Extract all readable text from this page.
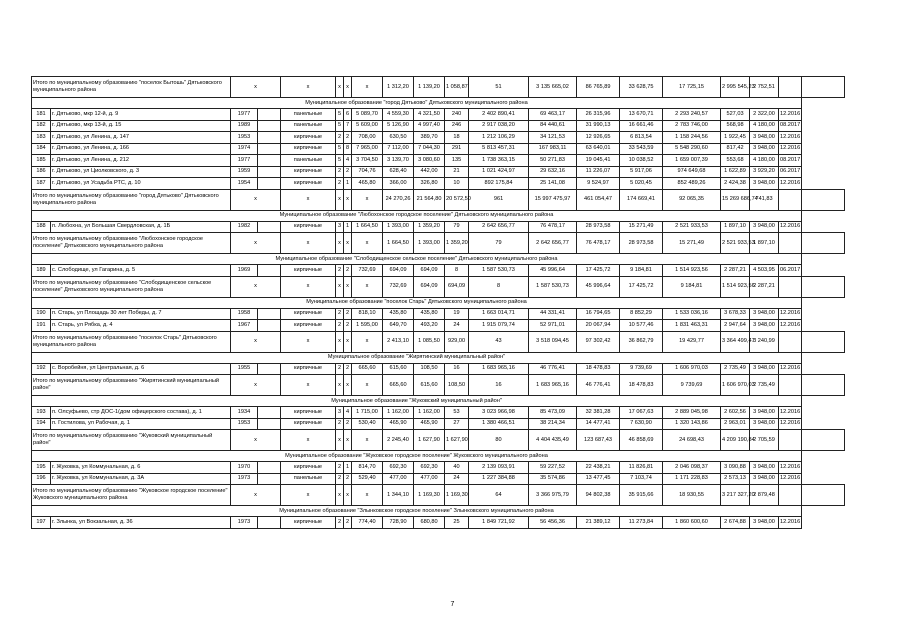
Итого по муниципальному образованию "поселок Бытошь" Дятьковского муниципального района		x		x	x	x	x	1 312,20	1 139,20	1 058,87	51	3 135 665,02	86 765,89	33 628,75	17 725,15	2 995 545,23	2 752,51		
Муниципальное образование "город Дятьково" Дятьковского муниципального района																			
181	г. Дятьково, мкр 12-й, д. 9	1977		панельные	5	6	5 089,70	4 559,30	4 321,50	240	2 402 890,41	69 463,17	26 315,96	13 670,71	2 293 240,57	527,03	2 322,00	12.2016	
182	г. Дятьково, мкр 13-й, д. 15	1989		панельные	5	7	5 609,00	5 126,90	4 997,40	246	2 917 038,20	84 440,61	31 990,13	16 661,46	2 783 746,00	568,98	4 180,00	08.2017	
183	г. Дятьково, ул Ленина, д. 147	1953		кирпичные	2	2	708,00	630,50	389,70	18	1 212 106,29	34 121,53	12 926,65	6 813,54	1 158 244,56	1 922,45	3 948,00	12.2016	
184	г. Дятьково, ул Ленина, д. 166	1974		кирпичные	5	8	7 965,00	7 112,00	7 044,30	291	5 813 457,31	167 983,11	63 640,01	33 543,59	5 548 290,60	817,42	3 948,00	12.2016	
185	г. Дятьково, ул Ленина, д. 212	1977		панельные	5	4	3 704,50	3 139,70	3 080,60	135	1 738 363,15	50 271,83	19 045,41	10 038,52	1 659 007,39	553,68	4 180,00	08.2017	
186	г. Дятьково, ул Циолковского, д. 3	1959		кирпичные	2	2	704,76	628,40	442,00	21	1 021 424,97	29 632,16	11 226,07	5 917,06	974 649,68	1 622,89	3 929,20	06.2017	
187	г. Дятьково, ул Усадьба РТС, д. 10	1954		кирпичные	2	1	465,80	366,00	326,80	10	892 175,84	25 141,08	9 524,97	5 020,45	852 489,26	2 424,38	3 948,00	12.2016	
Итого по муниципальному образованию "город Дятьково" Дятьковского муниципального района		x		x	x	x	x	24 270,26	21 564,80	20 572,50	961	15 997 475,97	461 054,47	174 669,41	92 065,35	15 269 686,74	741,83		
Муниципальное образование "Любохонское городское поселение" Дятьковского муниципального района																			
188	п. Любохна, ул Большая Свердловская, д. 1Б	1982		кирпичные	3	1	1 664,50	1 393,00	1 359,20	79	2 642 656,77	76 478,17	28 973,58	15 271,49	2 521 933,53	1 897,10	3 948,00	12.2016	
Итого по муниципальному образованию "Любохонское городское поселение" Дятьковского муниципального района		x		x	x	x	x	1 664,50	1 393,00	1 359,20	79	2 642 656,77	76 478,17	28 973,58	15 271,49	2 521 933,53	1 897,10		
Муниципальное образование "Слободищенское сельское поселение" Дятьковского муниципального района																			
189	с. Слободище, ул Гагарина, д. 5	1969		кирпичные	2	2	732,69	694,09	694,09	8	1 587 530,73	45 996,64	17 425,72	9 184,81	1 514 923,56	2 287,21	4 503,95	06.2017	
Итого по муниципальному образованию "Слободищенское сельское поселение" Дятьковского муниципального района		x		x	x	x	x	732,69	694,09	694,09	8	1 587 530,73	45 996,64	17 425,72	9 184,81	1 514 923,56	2 287,21		
Муниципальное образование "поселок Старь" Дятьковского муниципального района																			
190	п. Старь, ул Площадь 30 лет Победы, д. 7	1958		кирпичные	2	2	818,10	435,80	435,80	19	1 663 014,71	44 331,41	16 794,65	8 852,29	1 533 036,16	3 678,33	3 948,00	12.2016	
191	п. Старь, ул Рябка, д. 4	1967		кирпичные	2	2	1 595,00	649,70	493,20	24	1 915 079,74	52 971,01	20 067,94	10 577,46	1 831 463,31	2 947,64	3 948,00	12.2016	
Итого по муниципальному образованию "поселок Старь" Дятьковского муниципального района		x		x	x	x	x	2 413,10	1 085,50	929,00	43	3 518 094,45	97 302,42	36 862,79	19 429,77	3 364 499,47	3 240,99		
Муниципальное образование "Жирятинский муниципальный район"																			
192	с. Воробейня, ул Центральная, д. 6	1955		кирпичные	2	2	665,60	615,60	108,50	16	1 683 965,16	46 776,41	18 478,83	9 739,69	1 606 970,03	2 735,49	3 948,00	12.2016	
Итого по муниципальному образованию "Жирятинский муниципальный район"		x		x	x	x	x	665,60	615,60	108,50	16	1 683 965,16	46 776,41	18 478,83	9 739,69	1 606 970,03	2 735,49		
Муниципальное образование "Жуковский муниципальный район"																			
193	п. Олсуфьево, стр ДОС-1(дом офицерского состава), д. 1	1934		кирпичные	3	4	1 715,00	1 162,00	1 162,00	53	3 023 966,98	85 473,09	32 381,28	17 067,63	2 889 045,98	2 602,56	3 948,00	12.2016	
194	п. Гостилова, ул Рабочая, д. 1	1953		кирпичные	2	2	530,40	465,90	465,90	27	1 380 466,51	38 214,34	14 477,41	7 630,90	1 320 143,86	2 963,01	3 948,00	12.2016	
Итого по муниципальному образованию "Жуковский муниципальный район"		x		x	x	x	x	2 245,40	1 627,90	1 627,90	80	4 404 435,49	123 687,43	46 858,69	24 698,43	4 209 190,84	2 705,59		
Муниципальное образование "Жуковское городское поселение" Жуковского муниципального района																			
195	г. Жуковка, ул Коммунальная, д. 6	1970		кирпичные	2	1	814,70	692,30	692,30	40	2 139 093,91	59 227,52	22 438,21	11 826,81	2 046 098,37	3 090,88	3 948,00	12.2016	
196	г. Жуковка, ул Коммунальная, д. 3А	1973		панельные	2	2	529,40	477,00	477,00	24	1 227 384,88	35 574,86	13 477,45	7 103,74	1 171 228,83	2 573,13	3 948,00	12.2016	
Итого по муниципальному образованию "Жуковское городское поселение" Жуковского муниципального района		x		x	x	x	x	1 344,10	1 169,30	1 169,30	64	3 366 975,79	94 802,38	35 915,66	18 930,55	3 217 327,20	2 879,48		
Муниципальное образование "Злынковское городское поселение" Злынковского муниципального района																			
197	г. Злынка, ул Вокзальная, д. 36	1973		кирпичные	2	2	774,40	728,90	680,80	25	1 849 721,92	56 456,36	21 389,12	11 273,84	1 860 600,60	2 674,88	3 948,00	12.2016	
7
